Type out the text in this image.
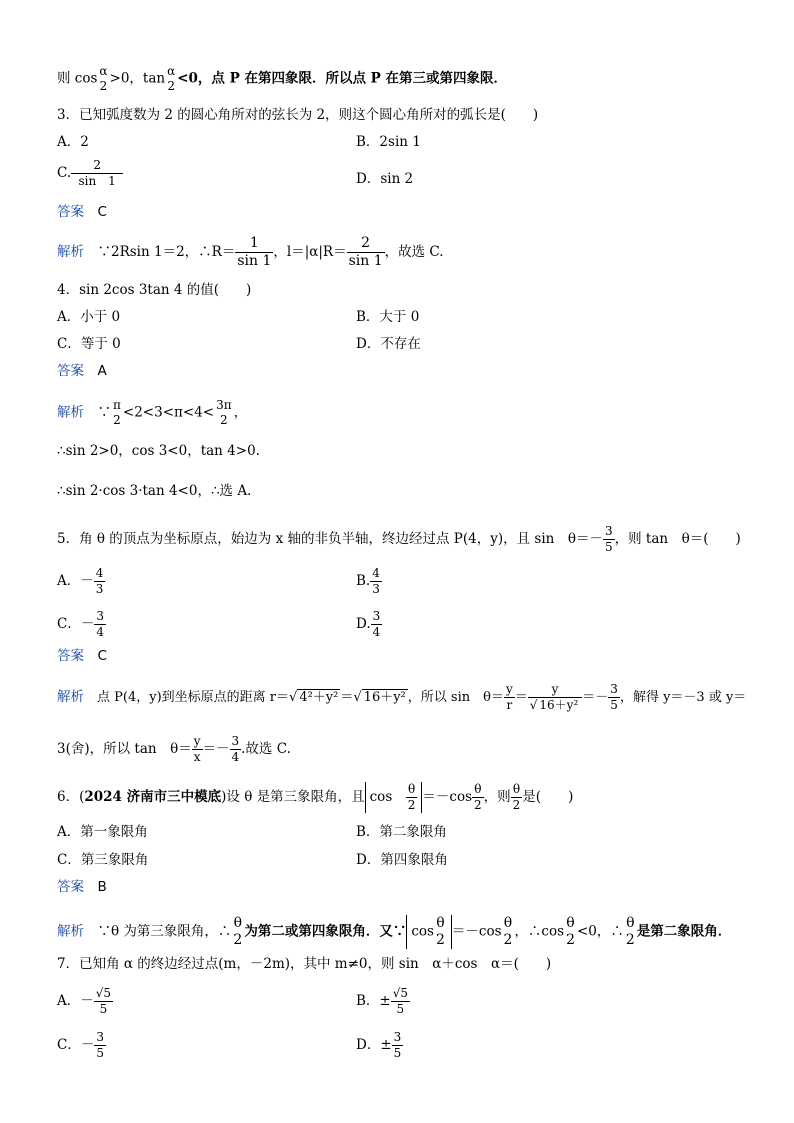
则 cos α
2 >0，tan α
2 <0，点 P 在第四象限．所以点 P 在第三或第四象限．
3．已知弧度数为 2 的圆心角所对的弦长为 2，则这个圆心角所对的弧长是(　　)
A．2	B．2sin 1
C. $\frac{2}{\sin 1}$	D．sin 2
答案　 C
解析　 ∵2Rsin 1＝2，∴R＝ $\frac{1}{\sin 1}$ ，$l=|\alpha|R= \frac{2}{\sin 1}$ ，故选 C.
4．sin 2cos 3tan 4 的值(　　)
A．小于 0	B．大于 0
C．等于 0	D．不存在
答案　 A
解析　 ∵ π
2 <2<3<π<4< 3π
2 ，
∴sin 2>0，cos 3<0，tan 4>0.
∴sin 2·cos 3·tan 4<0，∴选 A.
5．角 θ 的顶点为坐标原点，始边为 x 轴的非负半轴，终边经过点 P(4，y)，且 sin　$\theta=- \frac{3}{5}$ ，则 tan　θ＝(　　)
A．－ $\frac{4}{3}$	B. $\frac{4}{3}$
C．－ $\frac{3}{4}$	D. $\frac{3}{4}$
答案　 C
解析　 点 P(4，y)到坐标原点的距离 r＝√ 4²＋y² ＝√ 16＋y² ，所以 sin　$\theta= \frac{y}{r} = \frac{y}{\text{√ 16＋y²}} =- \frac{3}{5}$ ，解得 y＝－3 或 y＝
3(舍)，所以 tan　$\theta= \frac{y}{x} =- \frac{3}{4}$ .故选 C.
6．(2024 济南市三中模底)设 θ 是第三象限角，且 cos　 $\frac{\theta}{2} =-\cos \frac{\theta}{2}$ ，则 $\frac{\theta}{2}$ 是(　　)
A．第一象限角	B．第二象限角
C．第三象限角	D．第四象限角
答案　 B
解析　 ∵θ 为第三象限角，∴
θ
2
为第二或第四象限角．又∵ cos
θ
2
＝－cos
θ
2
，∴cos
θ
2
<0，∴
θ
2
是第二象限角．
7．已知角 α 的终边经过点(m，－2m)，其中 m≠0，则 sin　α＋cos　α＝(　　)
A．－ $\frac{√5}{5}$	B．± $\frac{√5}{5}$
C．－ $\frac{3}{5}$	D．± $\frac{3}{5}$
